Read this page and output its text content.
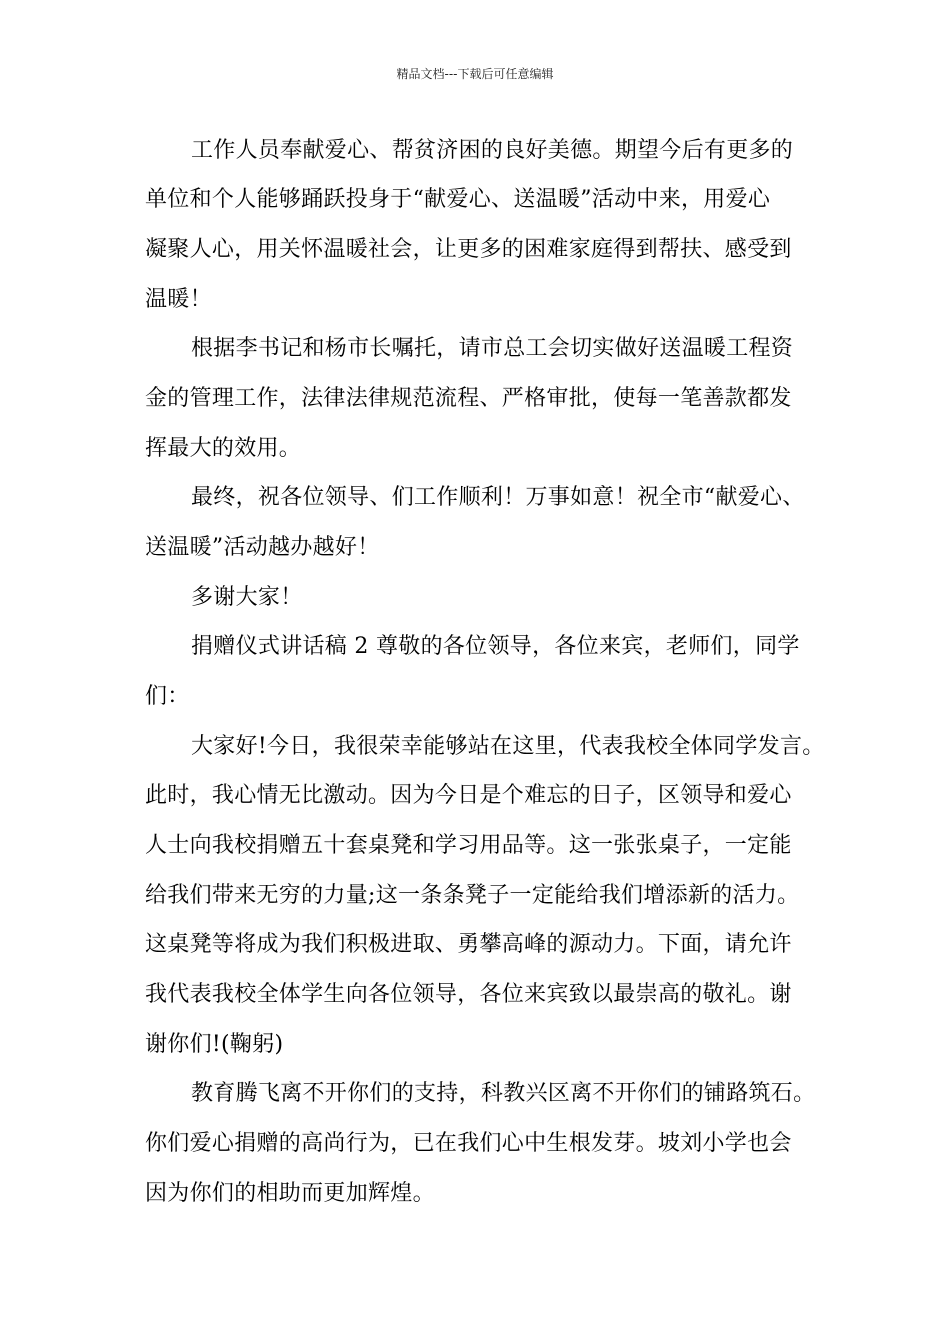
精品文档---下载后可任意编辑
工作人员奉献爱心、帮贫济困的良好美德。期望今后有更多的
单位和个人能够踊跃投身于“献爱心、送温暖”活动中来，用爱心
凝聚人心，用关怀温暖社会，让更多的困难家庭得到帮扶、感受到
温暖！
根据李书记和杨市长嘱托，请市总工会切实做好送温暖工程资
金的管理工作，法律法律规范流程、严格审批，使每一笔善款都发
挥最大的效用。
最终，祝各位领导、们工作顺利！万事如意！祝全市“献爱心、
送温暖”活动越办越好！
多谢大家！
捐赠仪式讲话稿 2 尊敬的各位领导，各位来宾，老师们，同学
们：
大家好!今日，我很荣幸能够站在这里，代表我校全体同学发言。
此时，我心情无比激动。因为今日是个难忘的日子，区领导和爱心
人士向我校捐赠五十套桌凳和学习用品等。这一张张桌子，一定能
给我们带来无穷的力量;这一条条凳子一定能给我们增添新的活力。
这桌凳等将成为我们积极进取、勇攀高峰的源动力。下面，请允许
我代表我校全体学生向各位领导，各位来宾致以最崇高的敬礼。谢
谢你们!(鞠躬)
教育腾飞离不开你们的支持，科教兴区离不开你们的铺路筑石。
你们爱心捐赠的高尚行为，已在我们心中生根发芽。坡刘小学也会
因为你们的相助而更加辉煌。
